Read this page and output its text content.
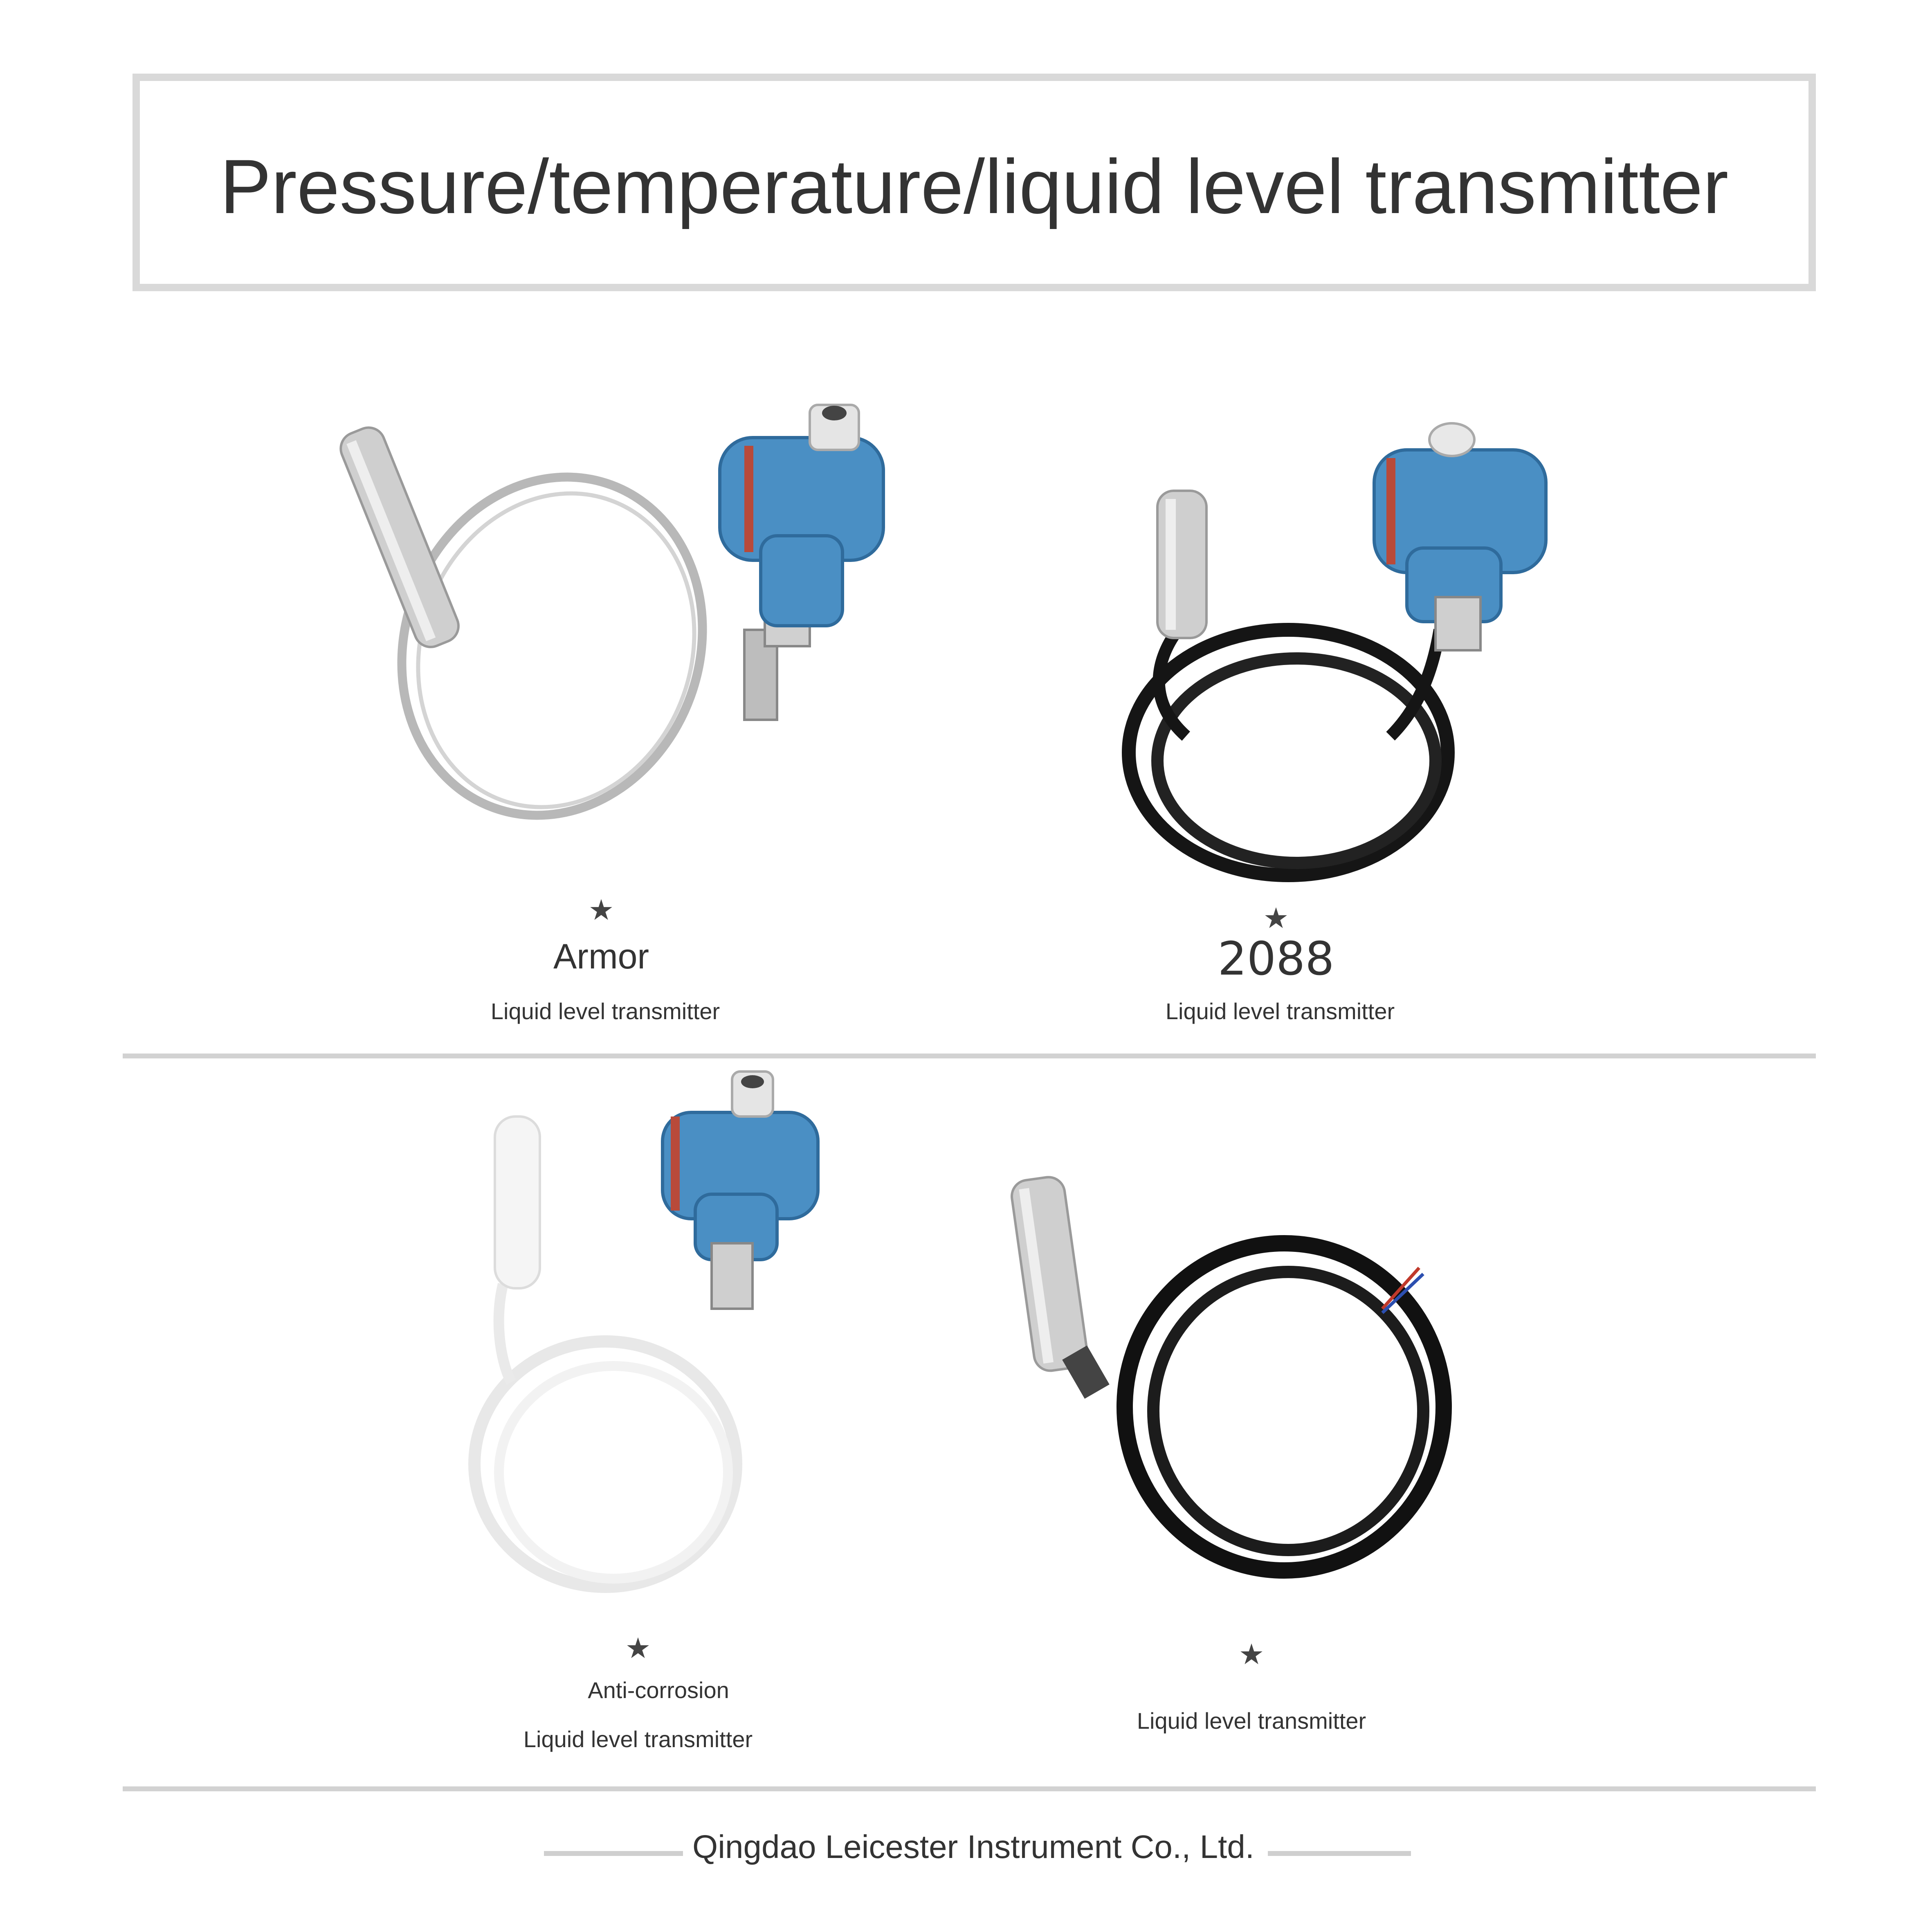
Pressure/temperature/liquid level transmitter
★
Armor
Liquid level transmitter
★
2088
Liquid level transmitter
★
Anti-corrosion
Liquid level transmitter
★
Liquid level transmitter
Qingdao Leicester Instrument Co., Ltd.
